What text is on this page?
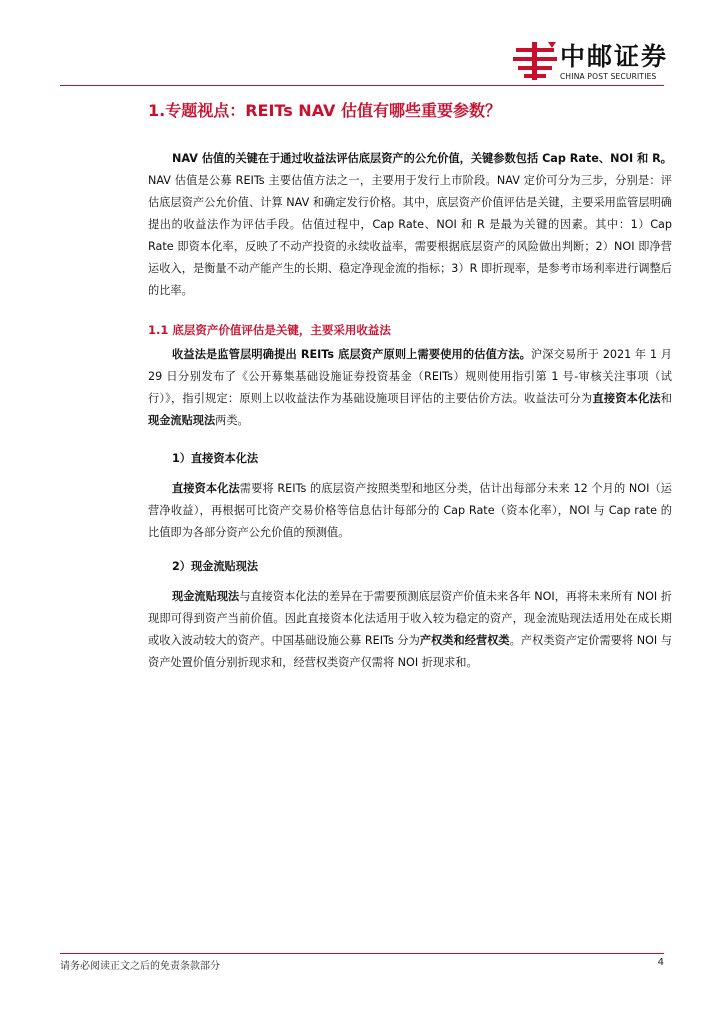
中邮证券
CHINA POST SECURITIES
1.专题视点：REITs NAV 估值有哪些重要参数？

NAV 估值的关键在于通过收益法评估底层资产的公允价值，关键参数包括 Cap Rate、NOI 和 R。NAV 估值是公募 REITs 主要估值方法之一，主要用于发行上市阶段。NAV 定价可分为三步，分别是：评估底层资产公允价值、计算 NAV 和确定发行价格。其中，底层资产价值评估是关键，主要采用监管层明确提出的收益法作为评估手段。估值过程中，Cap Rate、NOI 和 R 是最为关键的因素。其中：1）Cap Rate 即资本化率，反映了不动产投资的永续收益率，需要根据底层资产的风险做出判断；2）NOI 即净营运收入，是衡量不动产能产生的长期、稳定净现金流的指标；3）R 即折现率，是参考市场利率进行调整后的比率。

1.1 底层资产价值评估是关键，主要采用收益法

收益法是监管层明确提出 REITs 底层资产原则上需要使用的估值方法。沪深交易所于 2021 年 1 月 29 日分别发布了《公开募集基础设施证券投资基金（REITs）规则使用指引第 1 号-审核关注事项（试行）》，指引规定：原则上以收益法作为基础设施项目评估的主要估价方法。收益法可分为直接资本化法和现金流贴现法两类。

1）直接资本化法

直接资本化法需要将 REITs 的底层资产按照类型和地区分类，估计出每部分未来 12 个月的 NOI（运营净收益），再根据可比资产交易价格等信息估计每部分的 Cap Rate（资本化率），NOI 与 Cap rate 的比值即为各部分资产公允价值的预测值。

2）现金流贴现法

现金流贴现法与直接资本化法的差异在于需要预测底层资产价值未来各年 NOI，再将未来所有 NOI 折现即可得到资产当前价值。因此直接资本化法适用于收入较为稳定的资产，现金流贴现法适用处在成长期或收入波动较大的资产。中国基础设施公募 REITs 分为产权类和经营权类。产权类资产定价需要将 NOI 与资产处置价值分别折现求和，经营权类资产仅需将 NOI 折现求和。

请务必阅读正文之后的免责条款部分	4
